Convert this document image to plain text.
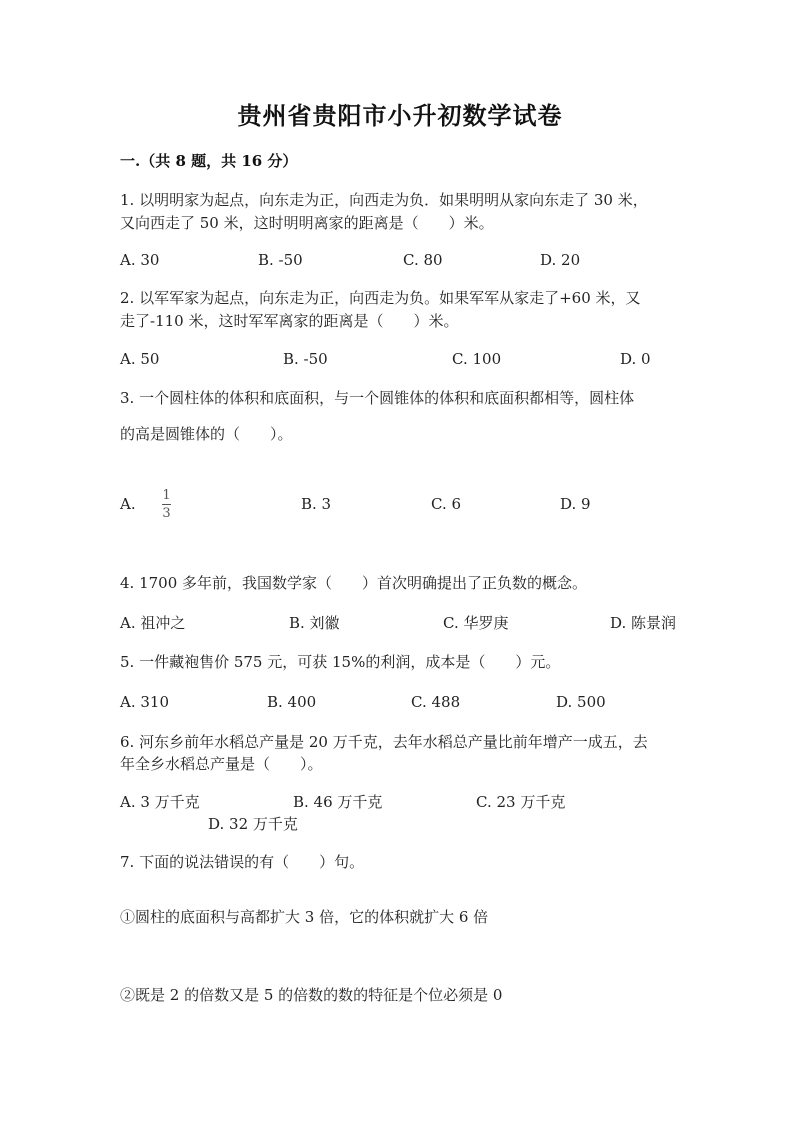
贵州省贵阳市小升初数学试卷
一.（共 8 题，共 16 分）
1. 以明明家为起点，向东走为正，向西走为负．如果明明从家向东走了 30 米，
又向西走了 50 米，这时明明离家的距离是（　　）米。
A. 30	B. -50	C. 80	D. 20
2. 以军军家为起点，向东走为正，向西走为负。如果军军从家走了+60 米，又
走了-110 米，这时军军离家的距离是（　　）米。
A. 50	B. -50	C. 100	D. 0
3. 一个圆柱体的体积和底面积，与一个圆锥体的体积和底面积都相等，圆柱体
的高是圆锥体的（　　）。
A. 1
3
B. 3	C. 6	D. 9
4. 1700 多年前，我国数学家（　　）首次明确提出了正负数的概念。
A. 祖冲之	B. 刘徽	C. 华罗庚	D. 陈景润
5. 一件藏袍售价 575 元，可获 15%的利润，成本是（　　）元。
A. 310	B. 400	C. 488	D. 500
6. 河东乡前年水稻总产量是 20 万千克，去年水稻总产量比前年增产一成五，去
年全乡水稻总产量是（　　）。
A. 3 万千克	B. 46 万千克	C. 23 万千克
D. 32 万千克
7. 下面的说法错误的有（　　）句。
①圆柱的底面积与高都扩大 3 倍，它的体积就扩大 6 倍
②既是 2 的倍数又是 5 的倍数的数的特征是个位必须是 0
